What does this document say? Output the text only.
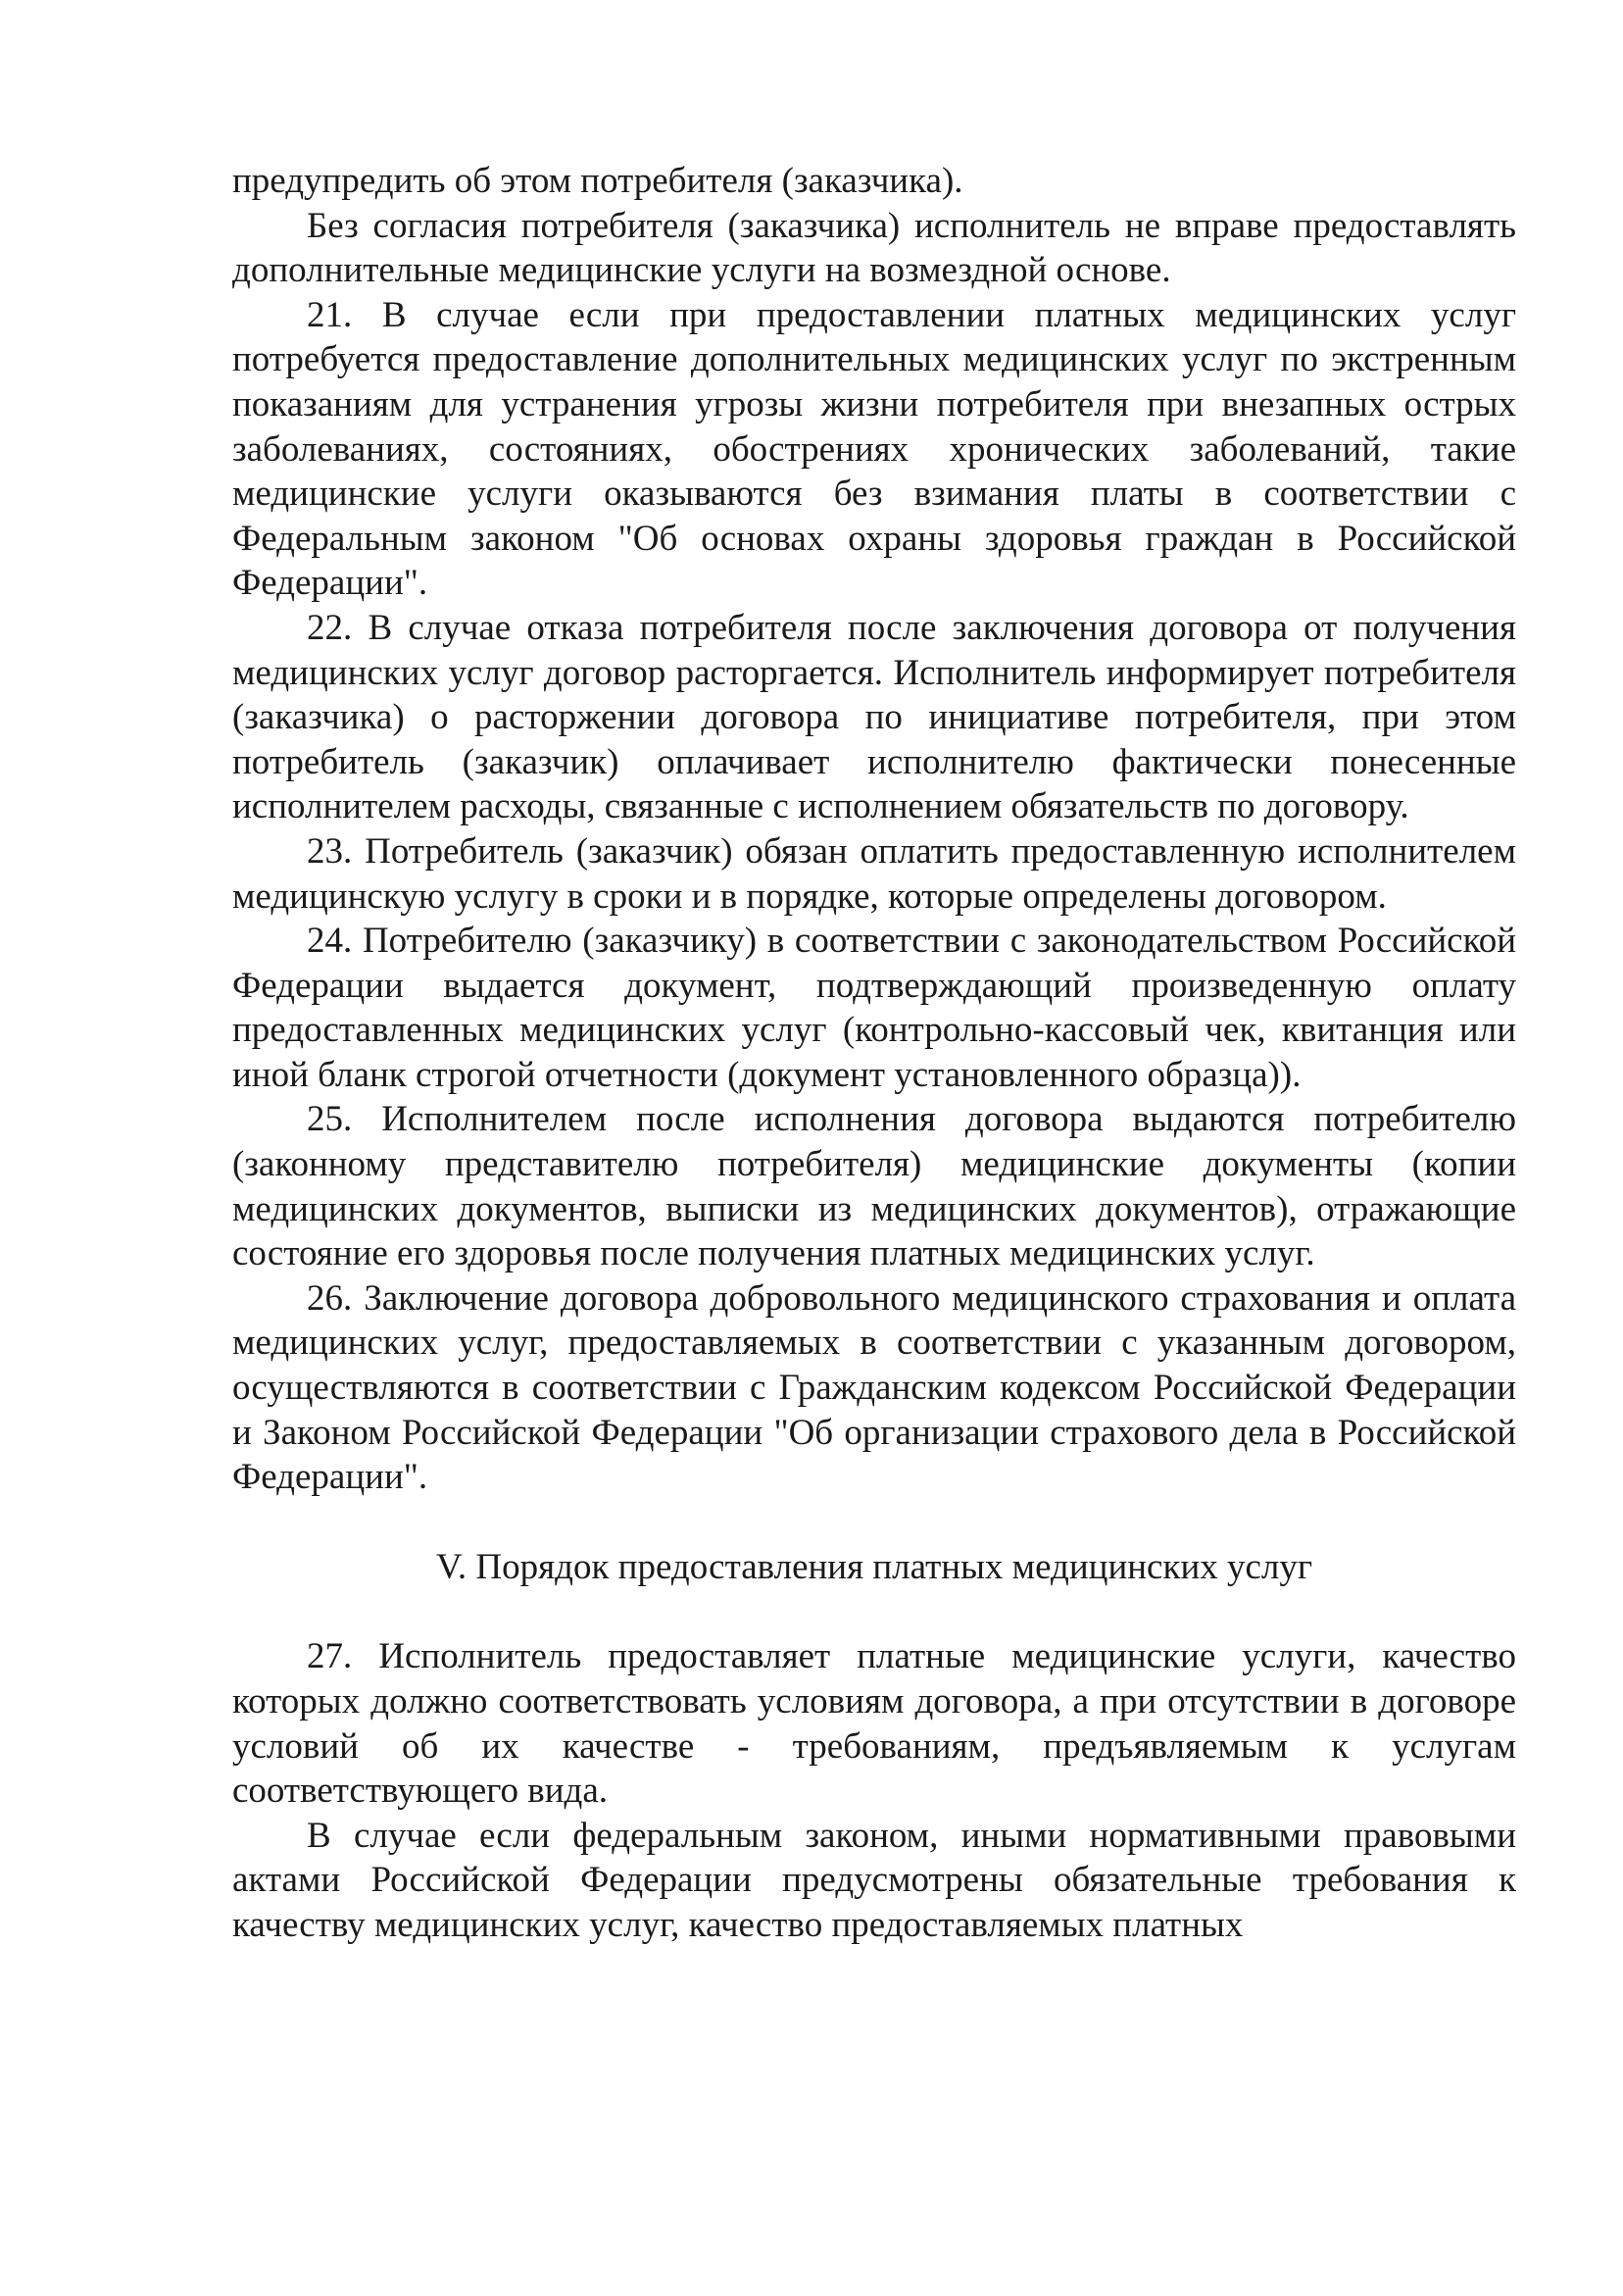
предупредить об этом потребителя (заказчика).

Без согласия потребителя (заказчика) исполнитель не вправе предоставлять дополнительные медицинские услуги на возмездной основе.

21. В случае если при предоставлении платных медицинских услуг потребуется предоставление дополнительных медицинских услуг по экстренным показаниям для устранения угрозы жизни потребителя при внезапных острых заболеваниях, состояниях, обострениях хронических заболеваний, такие медицинские услуги оказываются без взимания платы в соответствии с Федеральным законом "Об основах охраны здоровья граждан в Российской Федерации".

22. В случае отказа потребителя после заключения договора от получения медицинских услуг договор расторгается. Исполнитель информирует потребителя (заказчика) о расторжении договора по инициативе потребителя, при этом потребитель (заказчик) оплачивает исполнителю фактически понесенные исполнителем расходы, связанные с исполнением обязательств по договору.

23. Потребитель (заказчик) обязан оплатить предоставленную исполнителем медицинскую услугу в сроки и в порядке, которые определены договором.

24. Потребителю (заказчику) в соответствии с законодательством Российской Федерации выдается документ, подтверждающий произведенную оплату предоставленных медицинских услуг (контрольно-кассовый чек, квитанция или иной бланк строгой отчетности (документ установленного образца)).

25. Исполнителем после исполнения договора выдаются потребителю (законному представителю потребителя) медицинские документы (копии медицинских документов, выписки из медицинских документов), отражающие состояние его здоровья после получения платных медицинских услуг.

26. Заключение договора добровольного медицинского страхования и оплата медицинских услуг, предоставляемых в соответствии с указанным договором, осуществляются в соответствии с Гражданским кодексом Российской Федерации и Законом Российской Федерации "Об организации страхового дела в Российской Федерации".

V. Порядок предоставления платных медицинских услуг

27. Исполнитель предоставляет платные медицинские услуги, качество которых должно соответствовать условиям договора, а при отсутствии в договоре условий об их качестве - требованиям, предъявляемым к услугам соответствующего вида.

В случае если федеральным законом, иными нормативными правовыми актами Российской Федерации предусмотрены обязательные требования к качеству медицинских услуг, качество предоставляемых платных
